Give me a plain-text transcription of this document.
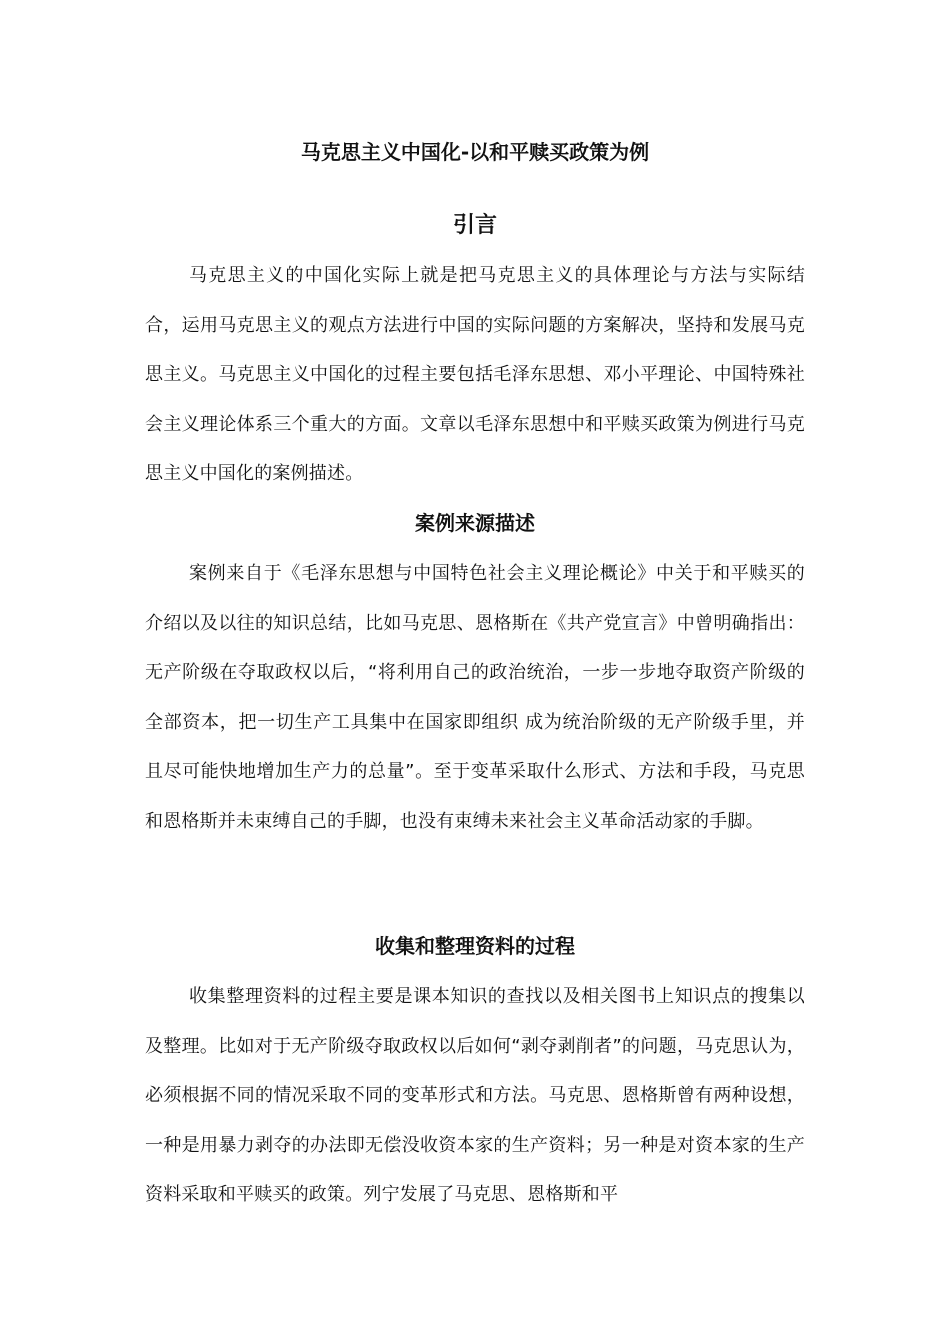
马克思主义中国化-以和平赎买政策为例
引言

马克思主义的中国化实际上就是把马克思主义的具体理论与方法与实际结合，运用马克思主义的观点方法进行中国的实际问题的方案解决，坚持和发展马克思主义。马克思主义中国化的过程主要包括毛泽东思想、邓小平理论、中国特殊社会主义理论体系三个重大的方面。文章以毛泽东思想中和平赎买政策为例进行马克思主义中国化的案例描述。

案例来源描述

案例来自于《毛泽东思想与中国特色社会主义理论概论》中关于和平赎买的介绍以及以往的知识总结，比如马克思、恩格斯在《共产党宣言》中曾明确指出：无产阶级在夺取政权以后，“将利用自己的政治统治，一步一步地夺取资产阶级的全部资本，把一切生产工具集中在国家即组织 成为统治阶级的无产阶级手里，并且尽可能快地增加生产力的总量”。至于变革采取什么形式、方法和手段，马克思和恩格斯并未束缚自己的手脚，也没有束缚未来社会主义革命活动家的手脚。

收集和整理资料的过程

收集整理资料的过程主要是课本知识的查找以及相关图书上知识点的搜集以及整理。比如对于无产阶级夺取政权以后如何“剥夺剥削者”的问题，马克思认为，必须根据不同的情况采取不同的变革形式和方法。马克思、恩格斯曾有两种设想，一种是用暴力剥夺的办法即无偿没收资本家的生产资料；另一种是对资本家的生产资料采取和平赎买的政策。列宁发展了马克思、恩格斯和平
